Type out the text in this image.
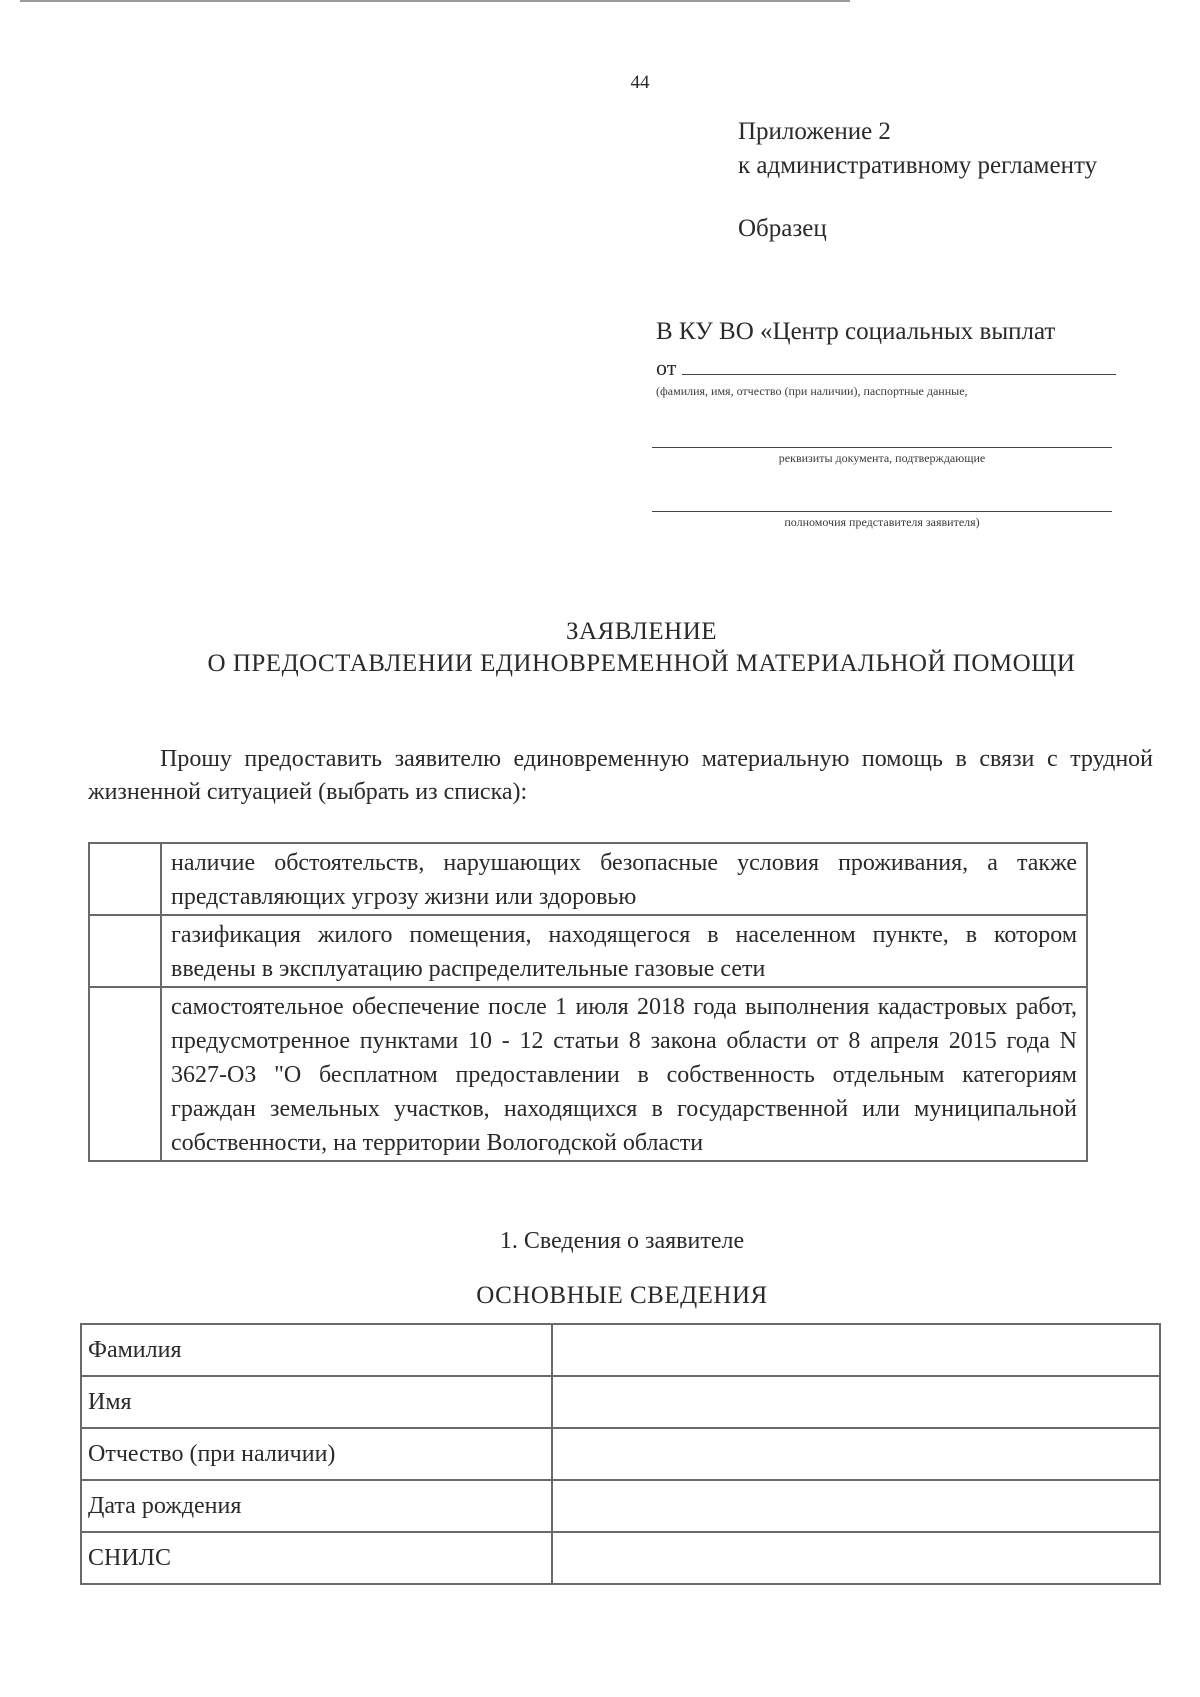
44
Приложение 2
к административному регламенту
Образец
В КУ ВО «Центр социальных выплат
от
(фамилия, имя, отчество (при наличии), паспортные данные,
реквизиты документа, подтверждающие
полномочия представителя заявителя)
ЗАЯВЛЕНИЕ
О ПРЕДОСТАВЛЕНИИ ЕДИНОВРЕМЕННОЙ МАТЕРИАЛЬНОЙ ПОМОЩИ
Прошу предоставить заявителю единовременную материальную помощь в связи с трудной жизненной ситуацией (выбрать из списка):
	наличие обстоятельств, нарушающих безопасные условия проживания, а также представляющих угрозу жизни или здоровью
	газификация жилого помещения, находящегося в населенном пункте, в котором введены в эксплуатацию распределительные газовые сети
	самостоятельное обеспечение после 1 июля 2018 года выполнения кадастровых работ, предусмотренное пунктами 10 - 12 статьи 8 закона области от 8 апреля 2015 года N 3627-ОЗ "О бесплатном предоставлении в собственность отдельным категориям граждан земельных участков, находящихся в государственной или муниципальной собственности, на территории Вологодской области
1. Сведения о заявителе
ОСНОВНЫЕ СВЕДЕНИЯ
Фамилия	
Имя	
Отчество (при наличии)	
Дата рождения	
СНИЛС	
